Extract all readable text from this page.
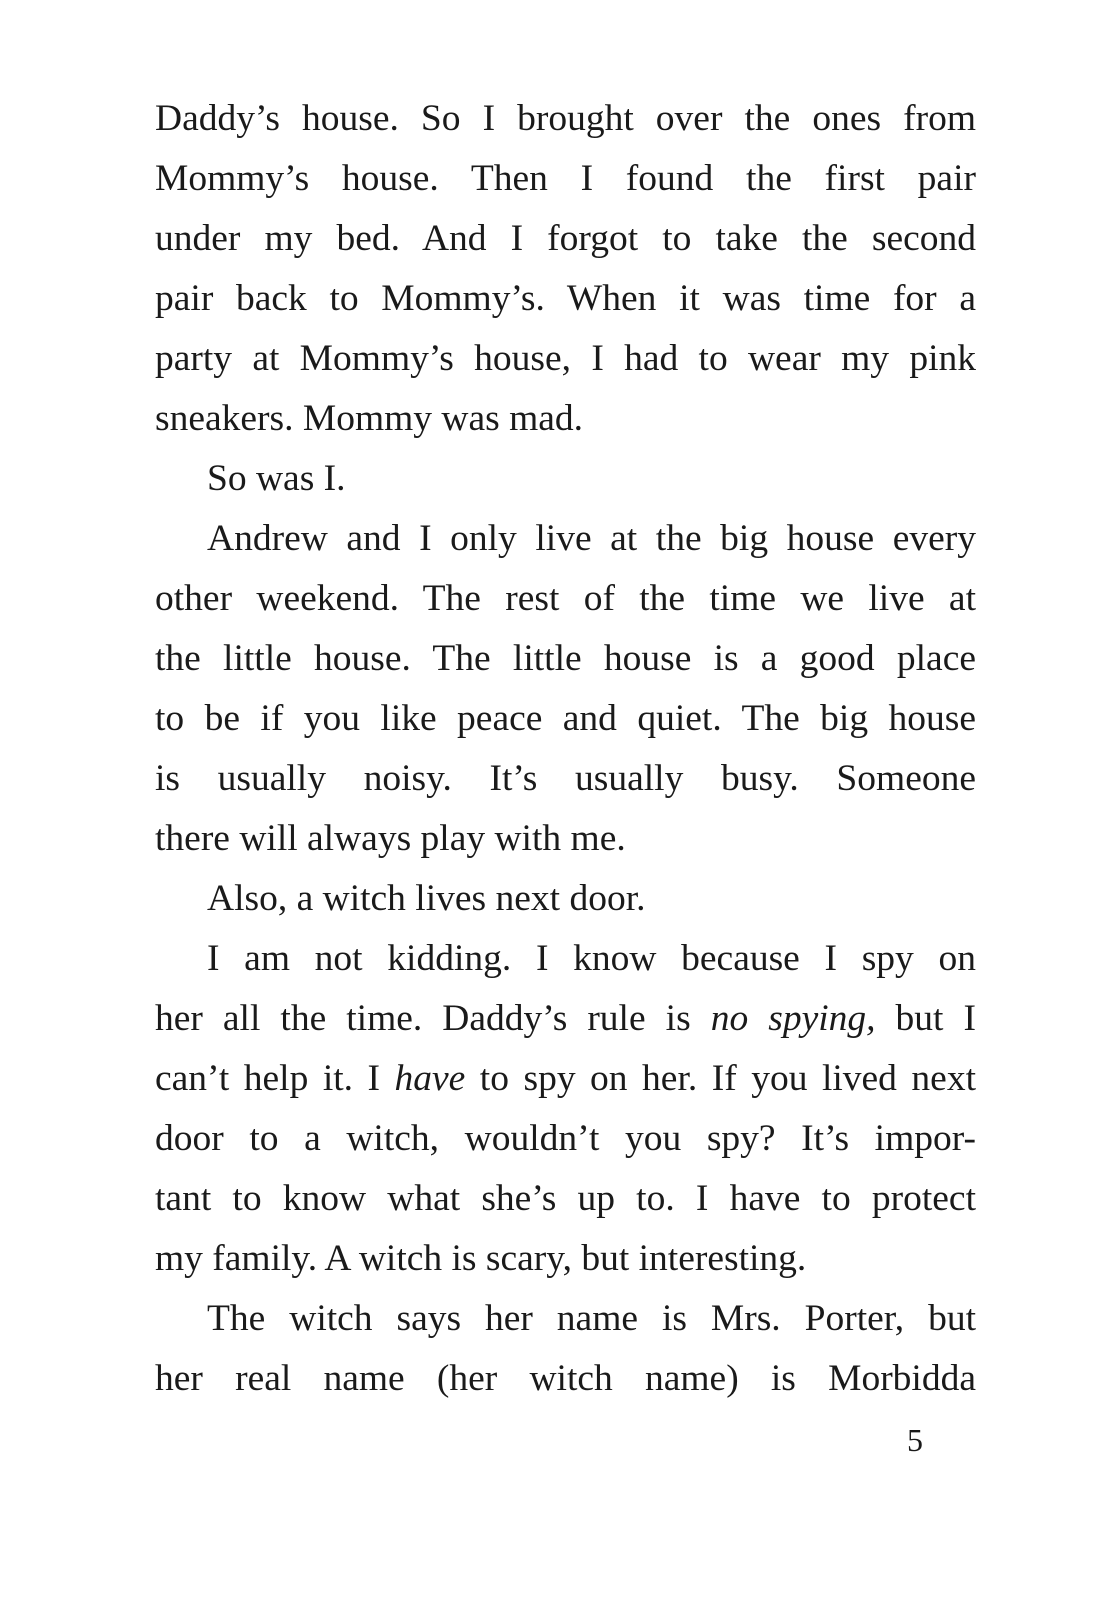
Daddy’s house. So I brought over the ones from
Mommy’s house. Then I found the first pair
under my bed. And I forgot to take the second
pair back to Mommy’s. When it was time for a
party at Mommy’s house, I had to wear my pink
sneakers. Mommy was mad.
So was I.
Andrew and I only live at the big house every
other weekend. The rest of the time we live at
the little house. The little house is a good place
to be if you like peace and quiet. The big house
is usually noisy. It’s usually busy. Someone
there will always play with me.
Also, a witch lives next door.
I am not kidding. I know because I spy on
her all the time. Daddy’s rule is no spying, but I
can’t help it. I have to spy on her. If you lived next
door to a witch, wouldn’t you spy? It’s impor-
tant to know what she’s up to. I have to protect
my family. A witch is scary, but interesting.
The witch says her name is Mrs. Porter, but
her real name (her witch name) is Morbidda
5
